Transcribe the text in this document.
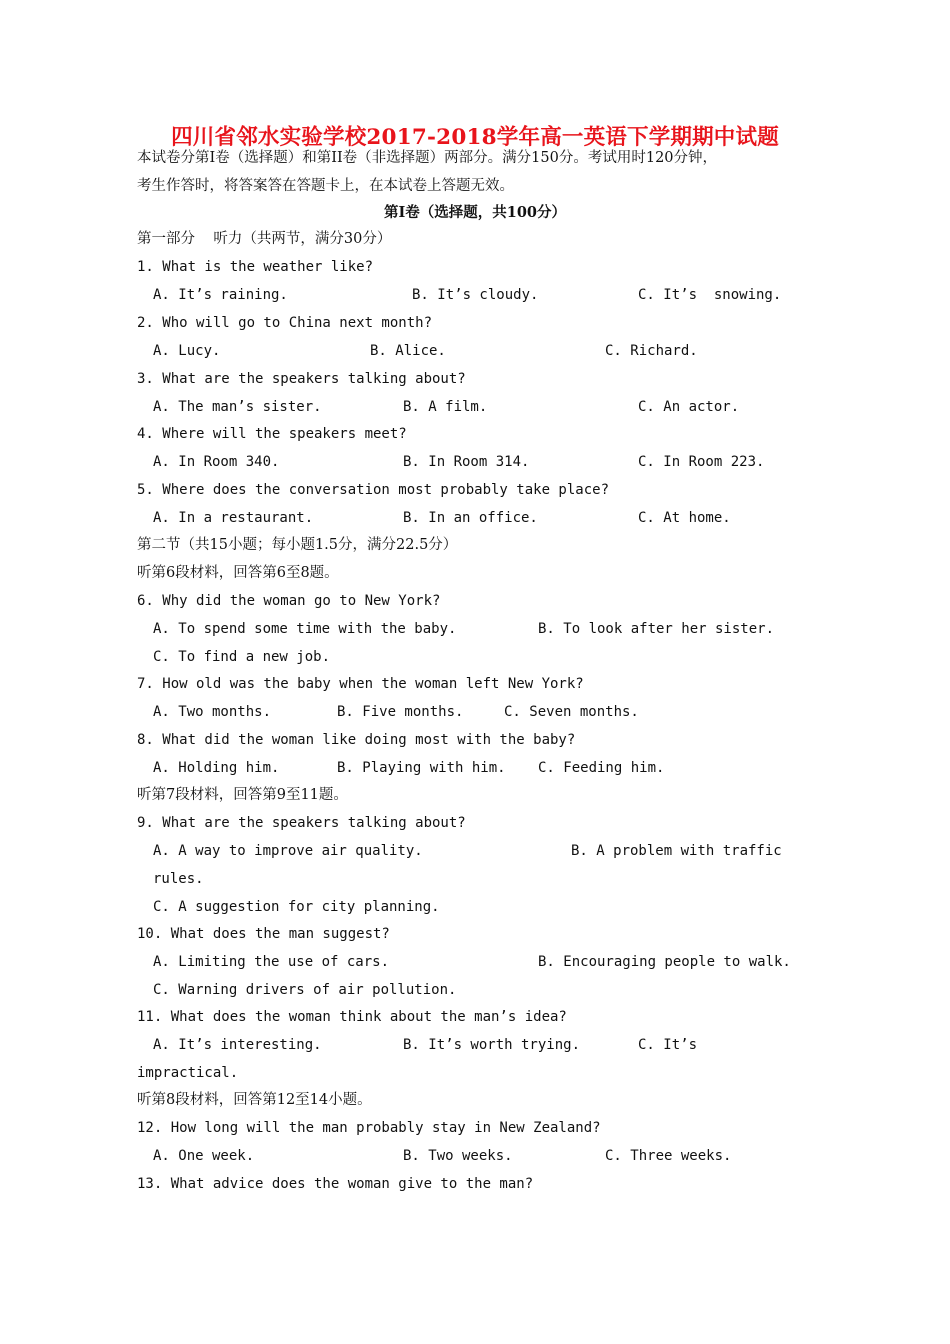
四川省邻水实验学校2017-2018学年高一英语下学期期中试题
本试卷分第I卷（选择题）和第II卷（非选择题）两部分。满分150分。考试用时120分钟，
考生作答时，将答案答在答题卡上，在本试卷上答题无效。
第I卷（选择题，共100分）
第一部分    听力（共两节，满分30分）
1. What is the weather like?
A. It’s raining.	B. It’s cloudy.	C. It’s  snowing.
2. Who will go to China next month?
A. Lucy.	B. Alice.	C. Richard.
3. What are the speakers talking about?
A. The man’s sister.	B. A film.	C. An actor.
4. Where will the speakers meet?
A. In Room 340.	B. In Room 314.	C. In Room 223.
5. Where does the conversation most probably take place?
A. In a restaurant.	B. In an office.	C. At home.
第二节（共15小题；每小题1.5分，满分22.5分）
听第6段材料，回答第6至8题。
6. Why did the woman go to New York?
A. To spend some time with the baby.	B. To look after her sister.
C. To find a new job.
7. How old was the baby when the woman left New York?
A. Two months.	B. Five months.	C. Seven months.
8. What did the woman like doing most with the baby?
A. Holding him.	B. Playing with him. C. Feeding him.
听第7段材料，回答第9至11题。
9. What are the speakers talking about?
A. A way to improve air quality.	B. A problem with traffic
rules.
C. A suggestion for city planning.
10. What does the man suggest?
A. Limiting the use of cars.	B. Encouraging people to walk.
C. Warning drivers of air pollution.
11. What does the woman think about the man’s idea?
A. It’s interesting.	B. It’s worth trying.	C. It’s
impractical.
听第8段材料，回答第12至14小题。
12. How long will the man probably stay in New Zealand?
A. One week.	B. Two weeks.	C. Three weeks.
13. What advice does the woman give to the man?
